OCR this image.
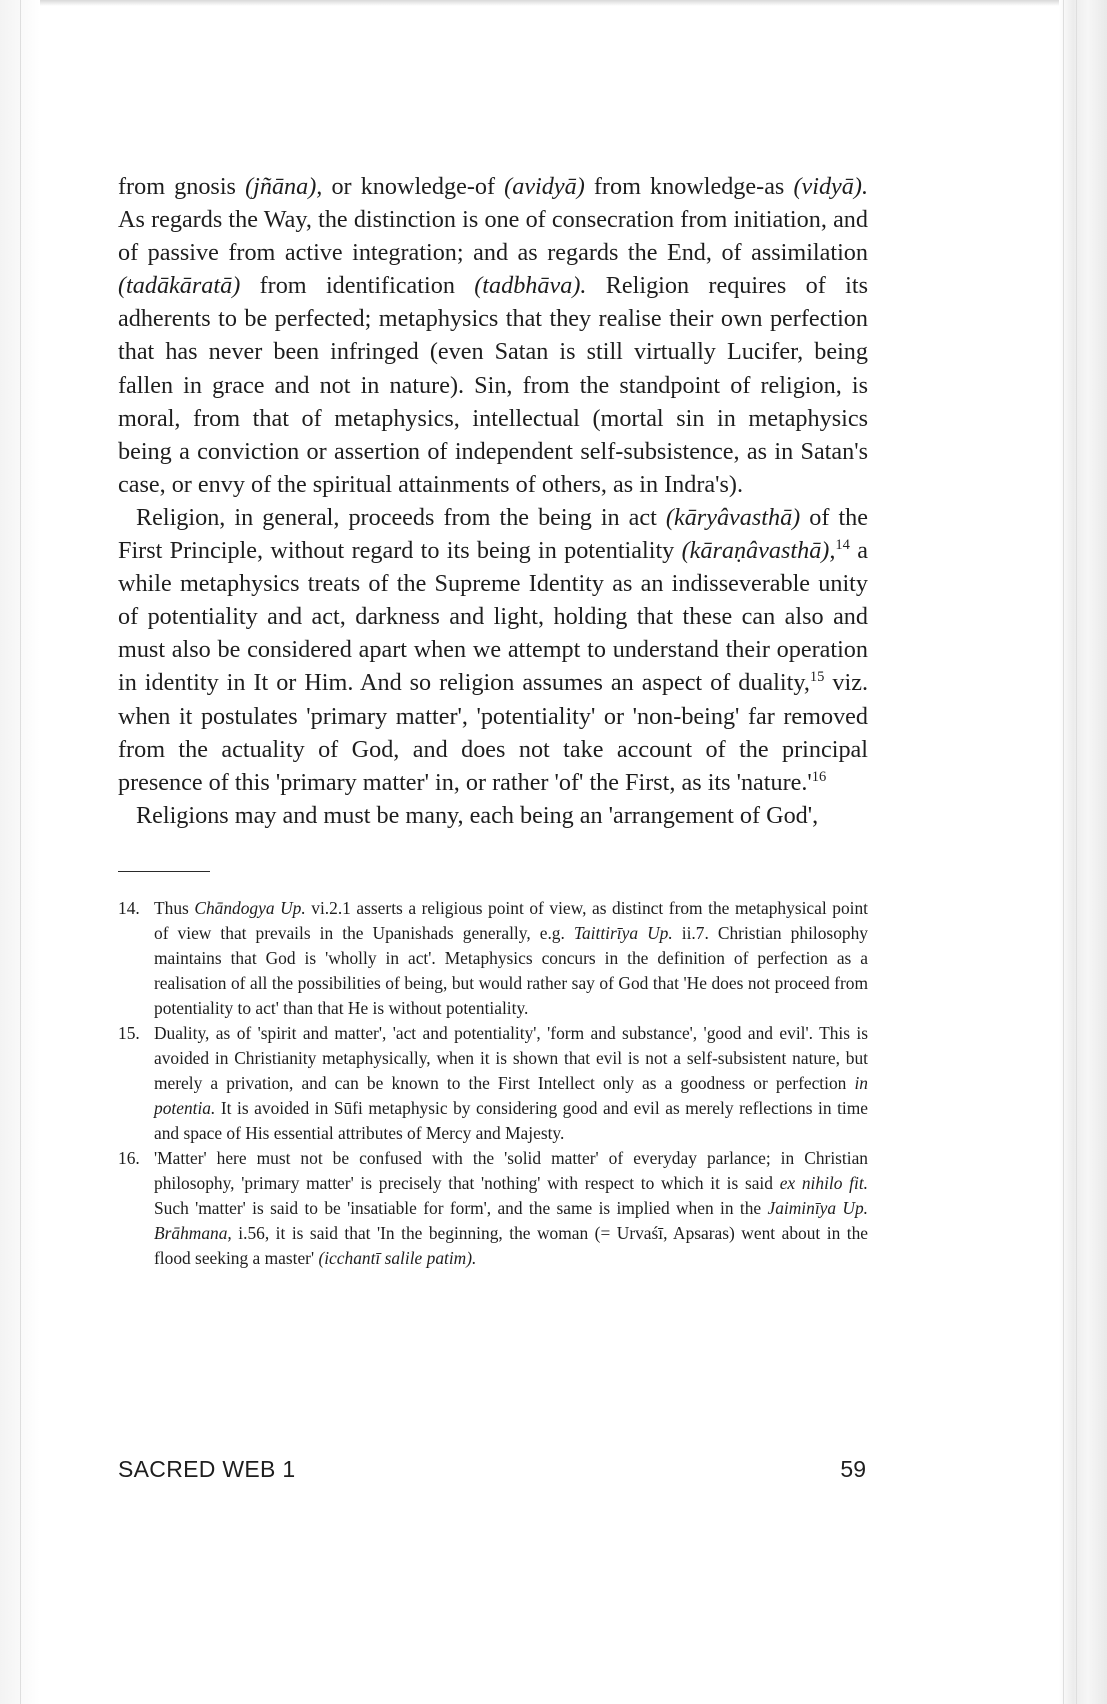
from gnosis (jñāna), or knowledge-of (avidyā) from knowledge-as (vidyā). As regards the Way, the distinction is one of consecration from initiation, and of passive from active integration; and as regards the End, of assimilation (tadākāratā) from identification (tadbhāva). Religion requires of its adherents to be perfected; metaphysics that they realise their own perfection that has never been infringed (even Satan is still virtually Lucifer, being fallen in grace and not in nature). Sin, from the standpoint of religion, is moral, from that of metaphysics, intellectual (mortal sin in metaphysics being a conviction or assertion of independent self-subsistence, as in Satan's case, or envy of the spiritual attainments of others, as in Indra's).

Religion, in general, proceeds from the being in act (kāryâvasthā) of the First Principle, without regard to its being in potentiality (kāraṇâvasthā),$^{14}$ a while metaphysics treats of the Supreme Identity as an indisseverable unity of potentiality and act, darkness and light, holding that these can also and must also be considered apart when we attempt to understand their operation in identity in It or Him. And so religion assumes an aspect of duality,$^{15}$ viz. when it postulates 'primary matter', 'potentiality' or 'non-being' far removed from the actuality of God, and does not take account of the principal presence of this 'primary matter' in, or rather 'of' the First, as its '$nature.'^{16}$

Religions may and must be many, each being an 'arrangement of God',

14. Thus Chāndogya Up. vi.2.1 asserts a religious point of view, as distinct from the metaphysical point of view that prevails in the Upanishads generally, e.g. Taittirīya Up. ii.7. Christian philosophy maintains that God is 'wholly in act'. Metaphysics concurs in the definition of perfection as a realisation of all the possibilities of being, but would rather say of God that 'He does not proceed from potentiality to act' than that He is without potentiality.
15. Duality, as of 'spirit and matter', 'act and potentiality', 'form and substance', 'good and evil'. This is avoided in Christianity metaphysically, when it is shown that evil is not a self-subsistent nature, but merely a privation, and can be known to the First Intellect only as a goodness or perfection in potentia. It is avoided in Sūfi metaphysic by considering good and evil as merely reflections in time and space of His essential attributes of Mercy and Majesty.
16. 'Matter' here must not be confused with the 'solid matter' of everyday parlance; in Christian philosophy, 'primary matter' is precisely that 'nothing' with respect to which it is said ex nihilo fit. Such 'matter' is said to be 'insatiable for form', and the same is implied when in the Jaiminīya Up. Brāhmana, i.56, it is said that 'In the beginning, the woman (= Urvaśī, Apsaras) went about in the flood seeking a master' (icchantī salile patim).
SACRED WEB 1	59
